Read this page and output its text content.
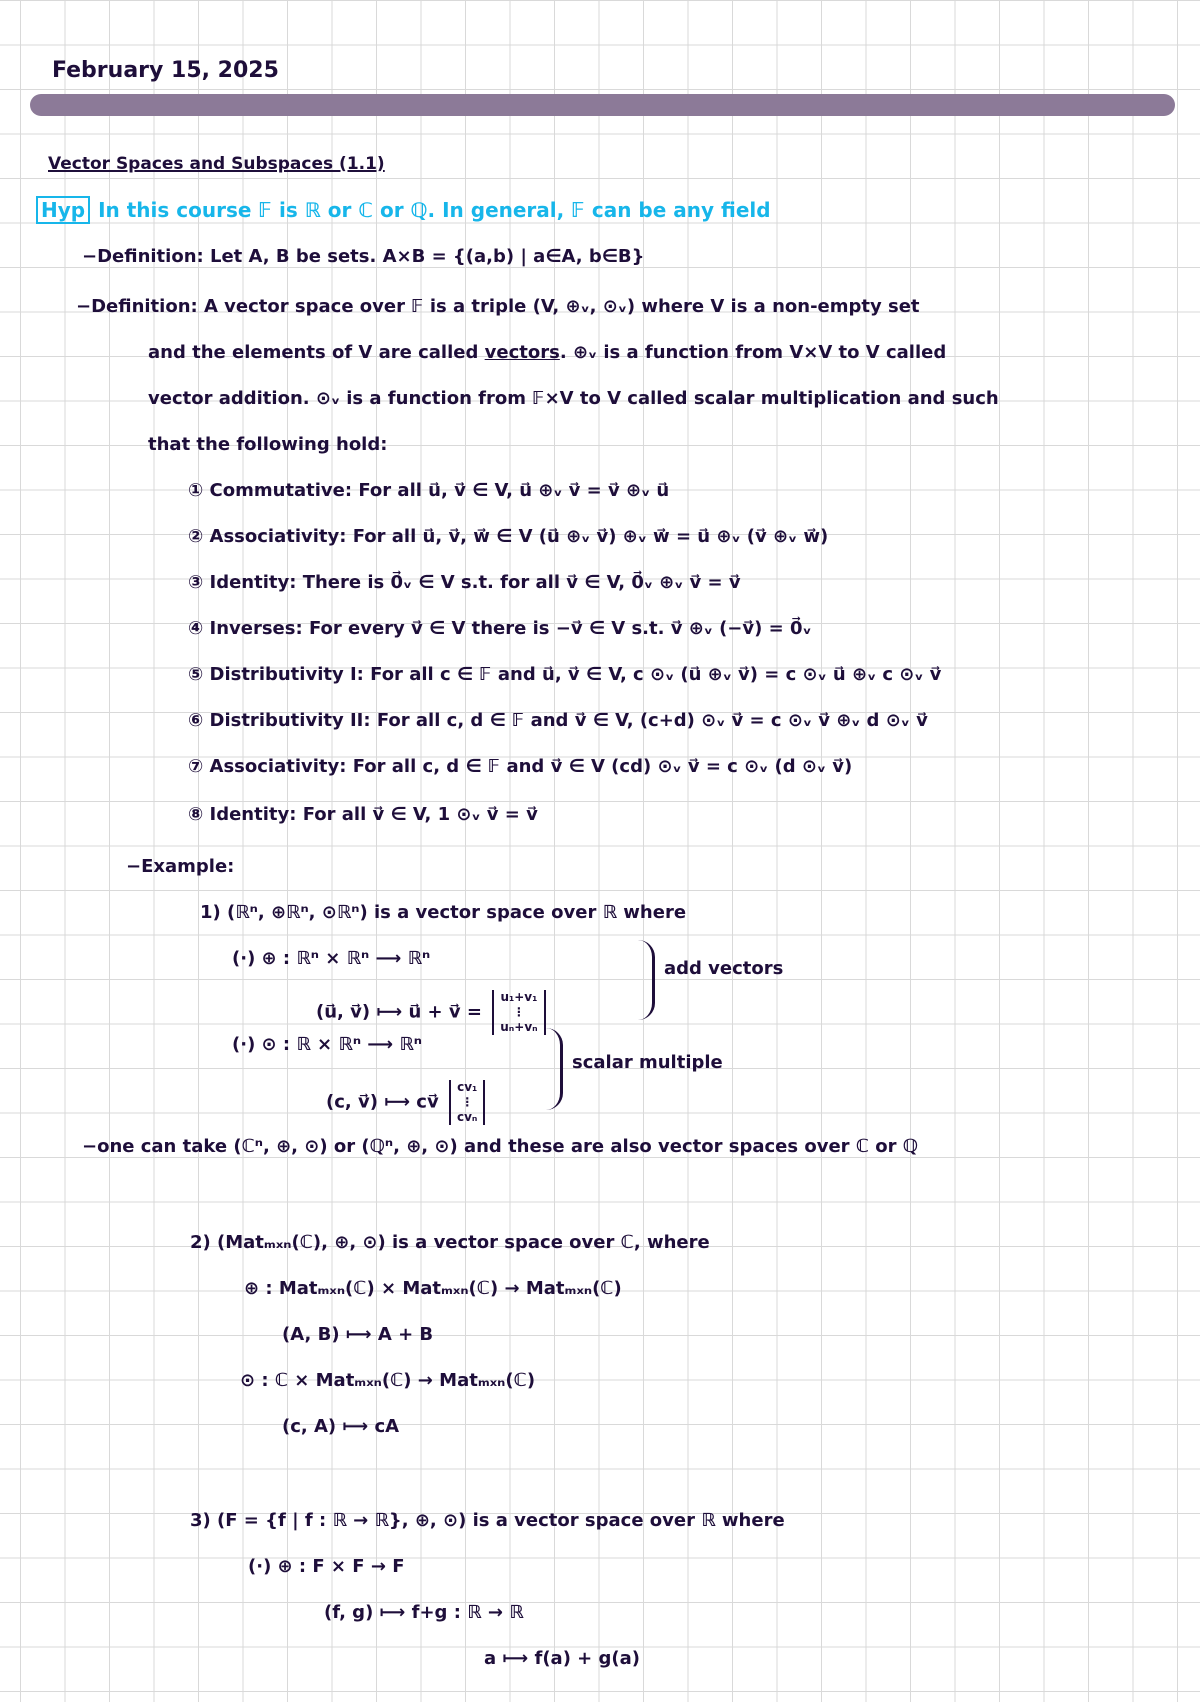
February 15, 2025
Vector Spaces and Subspaces (1.1)
Hyp In this course 𝔽 is ℝ or ℂ or ℚ. In general, 𝔽 can be any field
−Definition: Let A, B be sets. A×B = {(a,b) | a∈A, b∈B}
−Definition: A vector space over 𝔽 is a triple (V, ⊕ᵥ, ⊙ᵥ) where V is a non-empty set
and the elements of V are called vectors. ⊕ᵥ is a function from V×V to V called
vector addition. ⊙ᵥ is a function from 𝔽×V to V called scalar multiplication and such
that the following hold:
① Commutative: For all u⃗, v⃗ ∈ V, u⃗ ⊕ᵥ v⃗ = v⃗ ⊕ᵥ u⃗
② Associativity: For all u⃗, v⃗, w⃗ ∈ V (u⃗ ⊕ᵥ v⃗) ⊕ᵥ w⃗ = u⃗ ⊕ᵥ (v⃗ ⊕ᵥ w⃗)
③ Identity: There is 0⃗ᵥ ∈ V s.t. for all v⃗ ∈ V, 0⃗ᵥ ⊕ᵥ v⃗ = v⃗
④ Inverses: For every v⃗ ∈ V there is −v⃗ ∈ V s.t. v⃗ ⊕ᵥ (−v⃗) = 0⃗ᵥ
⑤ Distributivity I: For all c ∈ 𝔽 and u⃗, v⃗ ∈ V, c ⊙ᵥ (u⃗ ⊕ᵥ v⃗) = c ⊙ᵥ u⃗ ⊕ᵥ c ⊙ᵥ v⃗
⑥ Distributivity II: For all c, d ∈ 𝔽 and v⃗ ∈ V, (c+d) ⊙ᵥ v⃗ = c ⊙ᵥ v⃗ ⊕ᵥ d ⊙ᵥ v⃗
⑦ Associativity: For all c, d ∈ 𝔽 and v⃗ ∈ V (cd) ⊙ᵥ v⃗ = c ⊙ᵥ (d ⊙ᵥ v⃗)
⑧ Identity: For all v⃗ ∈ V, 1 ⊙ᵥ v⃗ = v⃗
−Example:
1) (ℝⁿ, ⊕ℝⁿ, ⊙ℝⁿ) is a vector space over ℝ where
(·) ⊕ : ℝⁿ × ℝⁿ ⟶ ℝⁿ
(u⃗, v⃗) ⟼ u⃗ + v⃗ =
u₁+v₁
⋮
uₙ+vₙ
add vectors
(·) ⊙ : ℝ × ℝⁿ ⟶ ℝⁿ
(c, v⃗) ⟼ cv⃗
cv₁
⋮
cvₙ
scalar multiple
−one can take (ℂⁿ, ⊕, ⊙) or (ℚⁿ, ⊕, ⊙) and these are also vector spaces over ℂ or ℚ
2) (Matₘₓₙ(ℂ), ⊕, ⊙) is a vector space over ℂ, where
⊕ : Matₘₓₙ(ℂ) × Matₘₓₙ(ℂ) → Matₘₓₙ(ℂ)
(A, B) ⟼ A + B
⊙ : ℂ × Matₘₓₙ(ℂ) → Matₘₓₙ(ℂ)
(c, A) ⟼ cA
3) (F = {f | f : ℝ → ℝ}, ⊕, ⊙) is a vector space over ℝ where
(·) ⊕ : F × F → F
(f, g) ⟼ f+g : ℝ → ℝ
a ⟼ f(a) + g(a)
